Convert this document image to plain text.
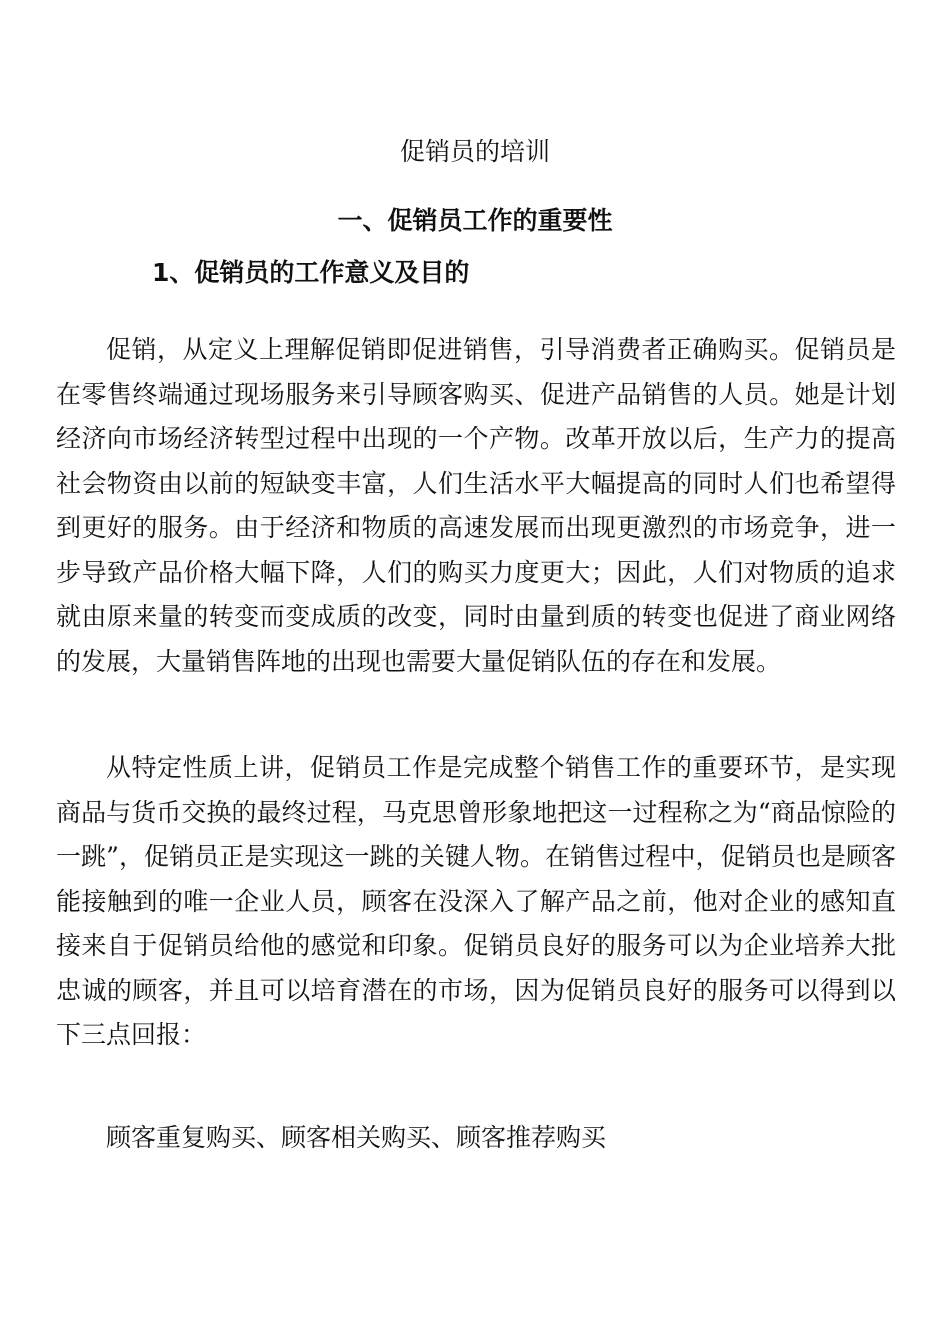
促销员的培训
一、促销员工作的重要性
1、促销员的工作意义及目的

促销，从定义上理解促销即促进销售，引导消费者正确购买。促销员是在零售终端通过现场服务来引导顾客购买、促进产品销售的人员。她是计划经济向市场经济转型过程中出现的一个产物。改革开放以后，生产力的提高社会物资由以前的短缺变丰富，人们生活水平大幅提高的同时人们也希望得到更好的服务。由于经济和物质的高速发展而出现更激烈的市场竞争，进一步导致产品价格大幅下降，人们的购买力度更大；因此，人们对物质的追求就由原来量的转变而变成质的改变，同时由量到质的转变也促进了商业网络的发展，大量销售阵地的出现也需要大量促销队伍的存在和发展。

从特定性质上讲，促销员工作是完成整个销售工作的重要环节，是实现商品与货币交换的最终过程，马克思曾形象地把这一过程称之为“商品惊险的一跳”，促销员正是实现这一跳的关键人物。在销售过程中，促销员也是顾客能接触到的唯一企业人员，顾客在没深入了解产品之前，他对企业的感知直接来自于促销员给他的感觉和印象。促销员良好的服务可以为企业培养大批忠诚的顾客，并且可以培育潜在的市场，因为促销员良好的服务可以得到以下三点回报：

顾客重复购买、顾客相关购买、顾客推荐购买
